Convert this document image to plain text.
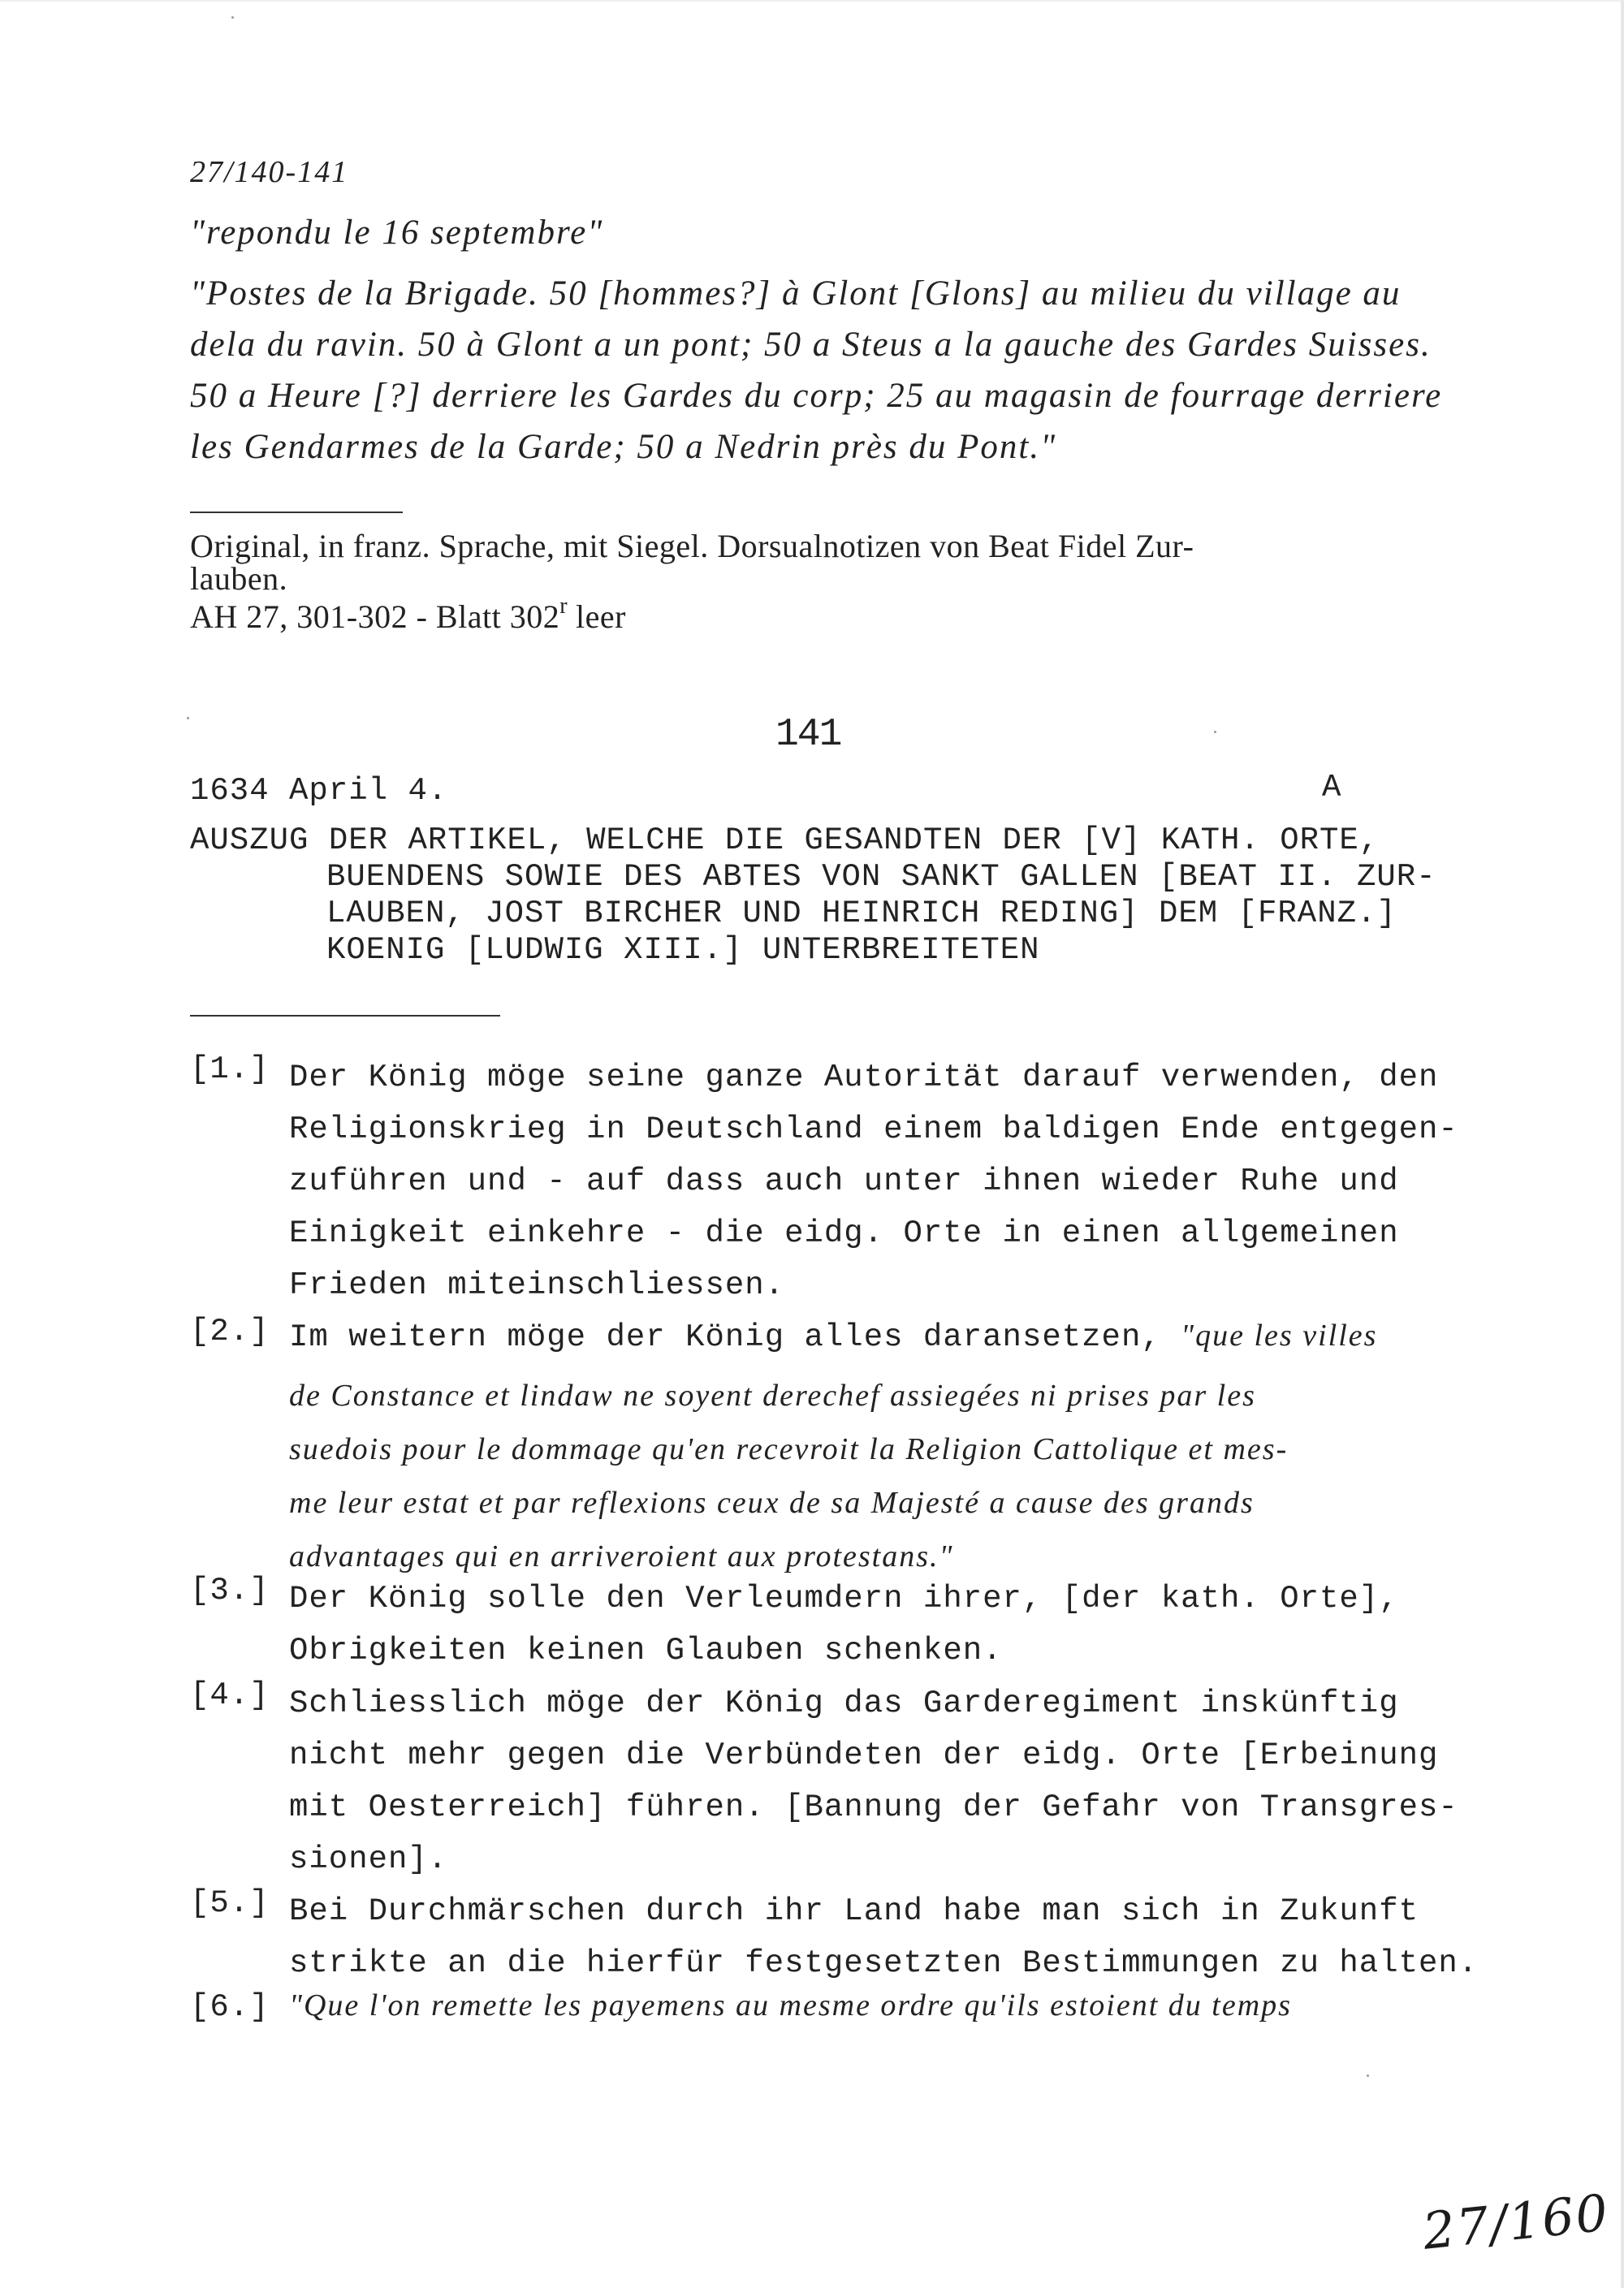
27/140-141
"repondu le 16 septembre"
"Postes de la Brigade. 50 [hommes?] à Glont [Glons] au milieu du village au
dela du ravin. 50 à Glont a un pont; 50 a Steus a la gauche des Gardes Suisses.
50 a Heure [?] derriere les Gardes du corp; 25 au magasin de fourrage derriere
les Gendarmes de la Garde; 50 a Nedrin près du Pont."
Original, in franz. Sprache, mit Siegel. Dorsualnotizen von Beat Fidel Zur-
lauben.
AH 27, 301-302 - Blatt 302$^r$ leer
141
1634 April 4.	A
AUSZUG DER ARTIKEL, WELCHE DIE GESANDTEN DER [V] KATH. ORTE,
BUENDENS SOWIE DES ABTES VON SANKT GALLEN [BEAT II. ZUR-
LAUBEN, JOST BIRCHER UND HEINRICH REDING] DEM [FRANZ.]
KOENIG [LUDWIG XIII.] UNTERBREITETEN
[1.] Der König möge seine ganze Autorität darauf verwenden, den
Religionskrieg in Deutschland einem baldigen Ende entgegen-
zuführen und - auf dass auch unter ihnen wieder Ruhe und
Einigkeit einkehre - die eidg. Orte in einen allgemeinen
Frieden miteinschliessen.
[2.] Im weitern möge der König alles daransetzen, "que les villes
de Constance et lindaw ne soyent derechef assiegées ni prises par les
suedois pour le dommage qu'en recevroit la Religion Cattolique et mes-
me leur estat et par reflexions ceux de sa Majesté a cause des grands
advantages qui en arriveroient aux protestans."
[3.] Der König solle den Verleumdern ihrer, [der kath. Orte],
Obrigkeiten keinen Glauben schenken.
[4.] Schliesslich möge der König das Garderegiment inskünftig
nicht mehr gegen die Verbündeten der eidg. Orte [Erbeinung
mit Oesterreich] führen. [Bannung der Gefahr von Transgres-
sionen].
[5.] Bei Durchmärschen durch ihr Land habe man sich in Zukunft
strikte an die hierfür festgesetzten Bestimmungen zu halten.
[6.] "Que l'on remette les payemens au mesme ordre qu'ils estoient du temps
27/160
